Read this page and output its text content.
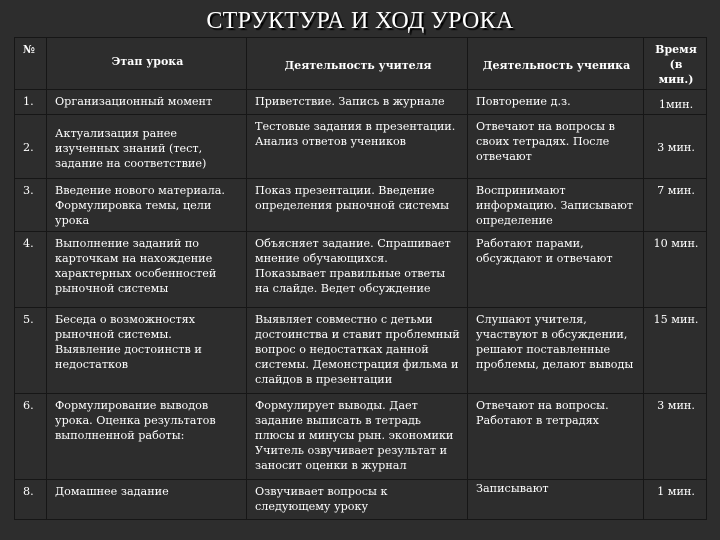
СТРУКТУРА И ХОД УРОКА
№	Этап урока	Деятельность учителя	Деятельность ученика	Время
(в мин.)
1.	Организационный момент	Приветствие. Запись в журнале	Повторение д.з.	1мин.
2.	Актуализация ранее изученных знаний (тест, задание на соответствие)	Тестовые задания в презентации. Анализ ответов учеников	Отвечают на вопросы в своих тетрадях. После отвечают	3 мин.
3.	Введение нового материала. Формулировка темы, цели урока	Показ презентации. Введение определения рыночной системы	Воспринимают информацию. Записывают определение	7 мин.
4.	Выполнение заданий по карточкам на нахождение характерных особенностей рыночной системы	Объясняет задание. Спрашивает мнение обучающихся. Показывает правильные ответы на слайде. Ведет обсуждение	Работают парами, обсуждают и отвечают	10 мин.
5.	Беседа о возможностях рыночной системы. Выявление достоинств и недостатков	Выявляет совместно с детьми достоинства и ставит проблемный вопрос о недостатках данной системы. Демонстрация фильма и слайдов в презентации	Слушают учителя, участвуют в обсуждении, решают поставленные проблемы, делают выводы	15 мин.
6.	Формулирование выводов урока. Оценка результатов выполненной работы:	Формулирует выводы. Дает задание выписать в тетрадь плюсы и минусы рын. экономики Учитель озвучивает результат и заносит оценки в журнал	Отвечают на вопросы. Работают в тетрадях	3 мин.
8.	Домашнее задание	Озвучивает вопросы к следующему уроку	Записывают	1 мин.
